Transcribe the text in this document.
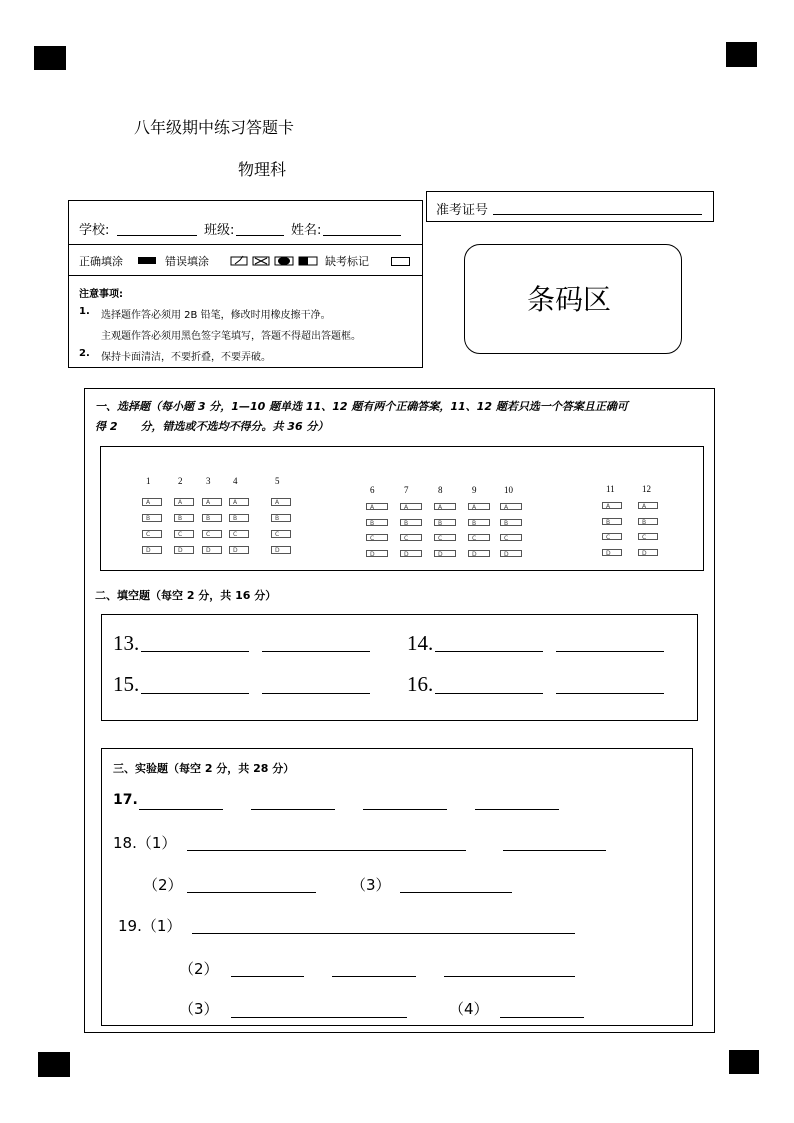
八年级期中练习答题卡
物理科
准考证号
学校:	班级:	姓名:
正确填涂	错误填涂	缺考标记
注意事项:
1. 选择题作答必须用 2B 铅笔，修改时用橡皮擦干净。
主观题作答必须用黑色签字笔填写，答题不得超出答题框。
2. 保持卡面清洁，不要折叠，不要弄破。
条码区
一、选择题（每小题 3 分，1—10 题单选 11、12 题有两个正确答案，11、12 题若只选一个答案且正确可
得 2      分，错选或不选均不得分。共 36 分）
1
A
B
C
D
2
A
B
C
D
3
A
B
C
D
4
A
B
C
D
5
A
B
C
D
6
A
B
C
D
7
A
B
C
D
8
A
B
C
D
9
A
B
C
D
10
A
B
C
D
11
A
B
C
D
12
A
B
C
D
二、填空题（每空 2 分，共 16 分）
13.	14.
15.	16.
三、实验题（每空 2 分，共 28 分）
17.
18.（1）
（2）	（3）
19.（1）
（2）
（3）	（4）
